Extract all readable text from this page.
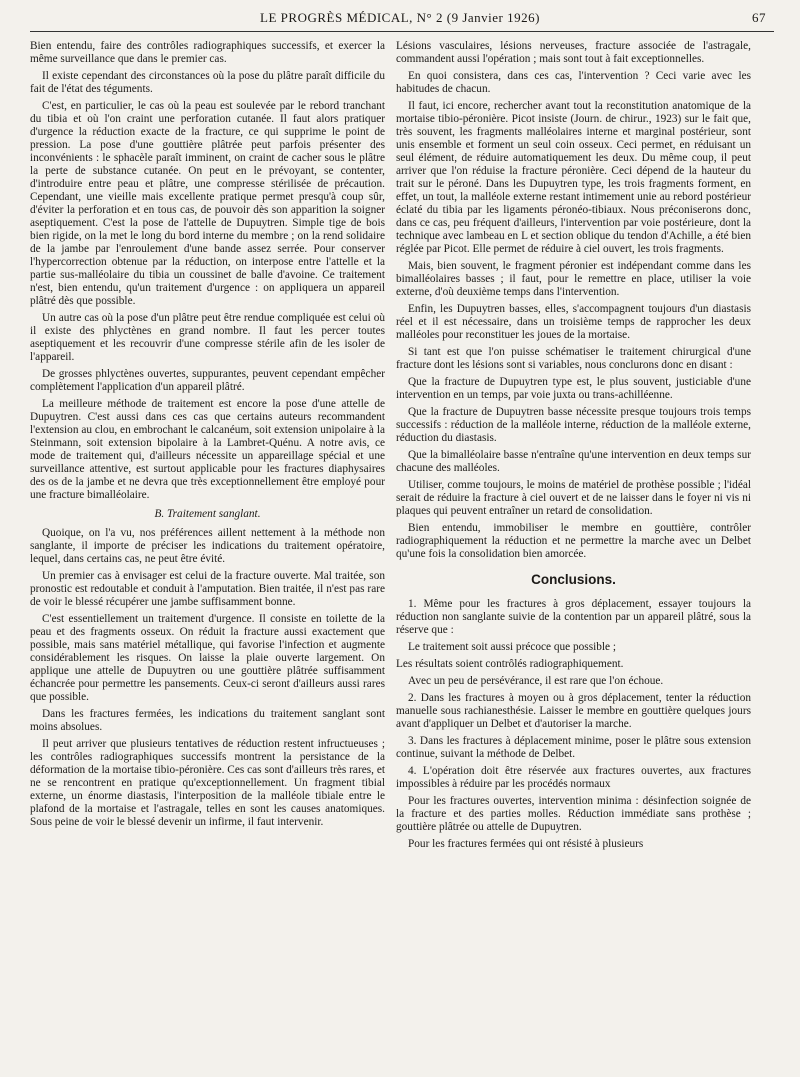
LE PROGRÈS MÉDICAL, N° 2 (9 Janvier 1926)	67

Bien entendu, faire des contrôles radiographiques successifs, et exercer la même surveillance que dans le premier cas.

Il existe cependant des circonstances où la pose du plâtre paraît difficile du fait de l'état des téguments.

C'est, en particulier, le cas où la peau est soulevée par le rebord tranchant du tibia et où l'on craint une perforation cutanée. Il faut alors pratiquer d'urgence la réduction exacte de la fracture, ce qui supprime le point de pression. La pose d'une gouttière plâtrée peut parfois présenter des inconvénients : le sphacèle paraît imminent, on craint de cacher sous le plâtre la perte de substance cutanée. On peut en le prévoyant, se contenter, d'introduire entre peau et plâtre, une compresse stérilisée de précaution. Cependant, une vieille mais excellente pratique permet presqu'à coup sûr, d'éviter la perforation et en tous cas, de pouvoir dès son apparition la soigner aseptiquement. C'est la pose de l'attelle de Dupuytren. Simple tige de bois bien rigide, on la met le long du bord interne du membre ; on la rend solidaire de la jambe par l'enroulement d'une bande assez serrée. Pour conserver l'hypercorrection obtenue par la réduction, on interpose entre l'attelle et la partie sus-malléolaire du tibia un coussinet de balle d'avoine. Ce traitement n'est, bien entendu, qu'un traitement d'urgence : on appliquera un appareil plâtré dès que possible.

Un autre cas où la pose d'un plâtre peut être rendue compliquée est celui où il existe des phlyctènes en grand nombre. Il faut les percer toutes aseptiquement et les recouvrir d'une compresse stérile afin de les isoler de l'appareil.

De grosses phlyctènes ouvertes, suppurantes, peuvent cependant empêcher complètement l'application d'un appareil plâtré.

La meilleure méthode de traitement est encore la pose d'une attelle de Dupuytren. C'est aussi dans ces cas que certains auteurs recommandent l'extension au clou, en embrochant le calcanéum, soit extension unipolaire à la Steinmann, soit extension bipolaire à la Lambret-Quénu. A notre avis, ce mode de traitement qui, d'ailleurs nécessite un appareillage spécial et une surveillance attentive, est surtout applicable pour les fractures diaphysaires des os de la jambe et ne devra que très exceptionnellement être employé pour une fracture bimalléolaire.

B. Traitement sanglant.

Quoique, on l'a vu, nos préférences aillent nettement à la méthode non sanglante, il importe de préciser les indications du traitement opératoire, lequel, dans certains cas, ne peut être évité.

Un premier cas à envisager est celui de la fracture ouverte. Mal traitée, son pronostic est redoutable et conduit à l'amputation. Bien traitée, il n'est pas rare de voir le blessé récupérer une jambe suffisamment bonne.

C'est essentiellement un traitement d'urgence. Il consiste en toilette de la peau et des fragments osseux. On réduit la fracture aussi exactement que possible, mais sans matériel métallique, qui favorise l'infection et augmente considérablement les risques. On laisse la plaie ouverte largement. On applique une attelle de Dupuytren ou une gouttière plâtrée suffisamment échancrée pour permettre les pansements. Ceux-ci seront d'ailleurs aussi rares que possible.

Dans les fractures fermées, les indications du traitement sanglant sont moins absolues.

Il peut arriver que plusieurs tentatives de réduction restent infructueuses ; les contrôles radiographiques successifs montrent la persistance de la déformation de la mortaise tibio-péronière. Ces cas sont d'ailleurs très rares, et ne se rencontrent en pratique qu'exceptionnellement. Un fragment tibial externe, un énorme diastasis, l'interposition de la malléole tibiale entre le plafond de la mortaise et l'astragale, telles en sont les causes anatomiques. Sous peine de voir le blessé devenir un infirme, il faut intervenir.

Lésions vasculaires, lésions nerveuses, fracture associée de l'astragale, commandent aussi l'opération ; mais sont tout à fait exceptionnelles.

En quoi consistera, dans ces cas, l'intervention ? Ceci varie avec les habitudes de chacun.

Il faut, ici encore, rechercher avant tout la reconstitution anatomique de la mortaise tibio-péronière. Picot insiste (Journ. de chirur., 1923) sur le fait que, très souvent, les fragments malléolaires interne et marginal postérieur, sont unis ensemble et forment un seul coin osseux. Ceci permet, en réduisant un seul élément, de réduire automatiquement les deux. Du même coup, il peut arriver que l'on réduise la fracture péronière. Ceci dépend de la hauteur du trait sur le péroné. Dans les Dupuytren type, les trois fragments forment, en effet, un tout, la malléole externe restant intimement unie au rebord postérieur éclaté du tibia par les ligaments péronéo-tibiaux. Nous préconiserons donc, dans ce cas, peu fréquent d'ailleurs, l'intervention par voie postérieure, dont la technique avec lambeau en L et section oblique du tendon d'Achille, a été bien réglée par Picot. Elle permet de réduire à ciel ouvert, les trois fragments.

Mais, bien souvent, le fragment péronier est indépendant comme dans les bimalléolaires basses ; il faut, pour le remettre en place, utiliser la voie externe, d'où deuxième temps dans l'intervention.

Enfin, les Dupuytren basses, elles, s'accompagnent toujours d'un diastasis réel et il est nécessaire, dans un troisième temps de rapprocher les deux malléoles pour reconstituer les joues de la mortaise.

Si tant est que l'on puisse schématiser le traitement chirurgical d'une fracture dont les lésions sont si variables, nous conclurons donc en disant :

Que la fracture de Dupuytren type est, le plus souvent, justiciable d'une intervention en un temps, par voie juxta ou trans-achilléenne.

Que la fracture de Dupuytren basse nécessite presque toujours trois temps successifs : réduction de la malléole interne, réduction de la malléole externe, réduction du diastasis.

Que la bimalléolaire basse n'entraîne qu'une intervention en deux temps sur chacune des malléoles.

Utiliser, comme toujours, le moins de matériel de prothèse possible ; l'idéal serait de réduire la fracture à ciel ouvert et de ne laisser dans le foyer ni vis ni plaques qui peuvent entraîner un retard de consolidation.

Bien entendu, immobiliser le membre en gouttière, contrôler radiographiquement la réduction et ne permettre la marche avec un Delbet qu'une fois la consolidation bien amorcée.

Conclusions.

1. Même pour les fractures à gros déplacement, essayer toujours la réduction non sanglante suivie de la contention par un appareil plâtré, sous la réserve que :

Le traitement soit aussi précoce que possible ;

Les résultats soient contrôlés radiographiquement.

Avec un peu de persévérance, il est rare que l'on échoue.

2. Dans les fractures à moyen ou à gros déplacement, tenter la réduction manuelle sous rachianesthésie. Laisser le membre en gouttière quelques jours avant d'appliquer un Delbet et d'autoriser la marche.

3. Dans les fractures à déplacement minime, poser le plâtre sous extension continue, suivant la méthode de Delbet.

4. L'opération doit être réservée aux fractures ouvertes, aux fractures impossibles à réduire par les procédés normaux

Pour les fractures ouvertes, intervention minima : désinfection soignée de la fracture et des parties molles. Réduction immédiate sans prothèse ; gouttière plâtrée ou attelle de Dupuytren.

Pour les fractures fermées qui ont résisté à plusieurs
